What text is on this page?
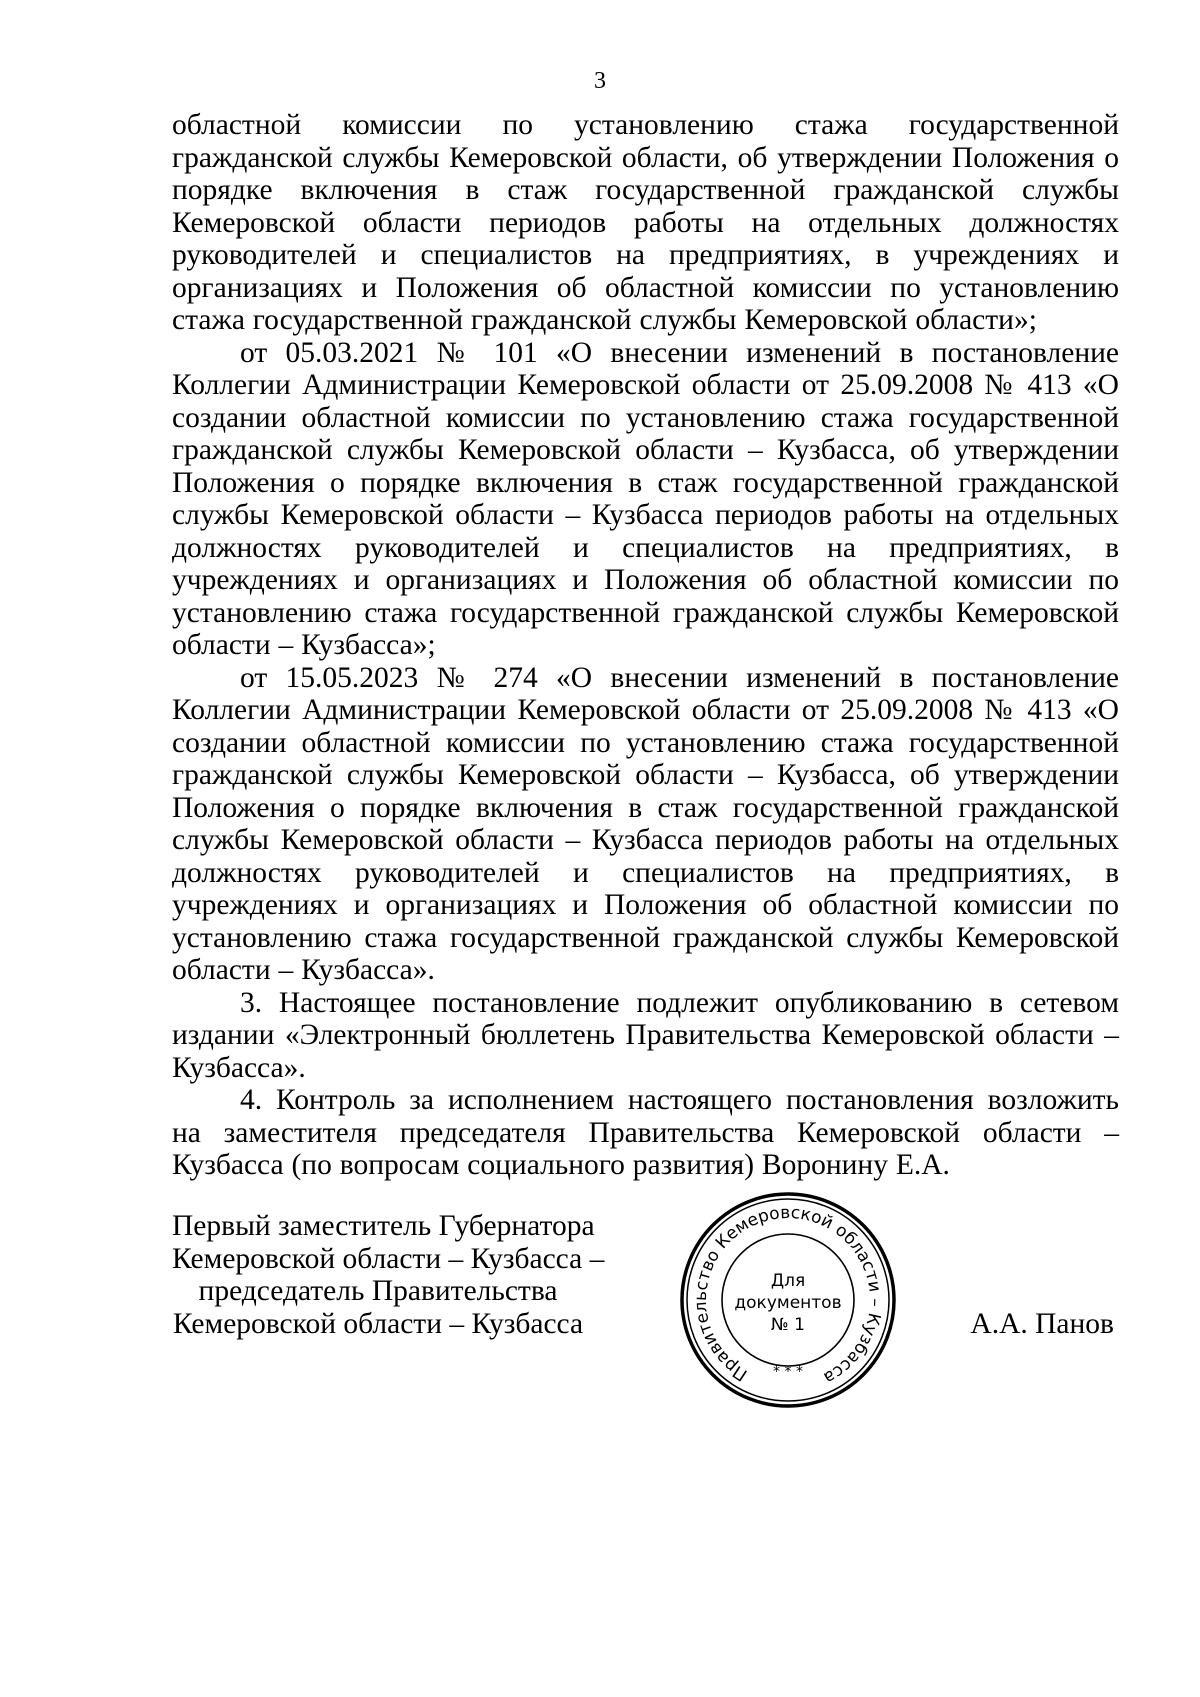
3

областной комиссии по установлению стажа государственной гражданской службы Кемеровской области, об утверждении Положения о порядке включения в стаж государственной гражданской службы Кемеровской области периодов работы на отдельных должностях руководителей и специалистов на предприятиях, в учреждениях и организациях и Положения об областной комиссии по установлению стажа государственной гражданской службы Кемеровской области»;

от 05.03.2021 № 101 «О внесении изменений в постановление Коллегии Администрации Кемеровской области от 25.09.2008 № 413 «О создании областной комиссии по установлению стажа государственной гражданской службы Кемеровской области – Кузбасса, об утверждении Положения о порядке включения в стаж государственной гражданской службы Кемеровской области – Кузбасса периодов работы на отдельных должностях руководителей и специалистов на предприятиях, в учреждениях и организациях и Положения об областной комиссии по установлению стажа государственной гражданской службы Кемеровской области – Кузбасса»;

от 15.05.2023 № 274 «О внесении изменений в постановление Коллегии Администрации Кемеровской области от 25.09.2008 № 413 «О создании областной комиссии по установлению стажа государственной гражданской службы Кемеровской области – Кузбасса, об утверждении Положения о порядке включения в стаж государственной гражданской службы Кемеровской области – Кузбасса периодов работы на отдельных должностях руководителей и специалистов на предприятиях, в учреждениях и организациях и Положения об областной комиссии по установлению стажа государственной гражданской службы Кемеровской области – Кузбасса».

3. Настоящее постановление подлежит опубликованию в сетевом издании «Электронный бюллетень Правительства Кемеровской области – Кузбасса».

4. Контроль за исполнением настоящего постановления возложить на заместителя председателя Правительства Кемеровской области – Кузбасса (по вопросам социального развития) Воронину Е.А.

Первый заместитель Губернатора
Кемеровской области – Кузбасса –
председатель Правительства
Кемеровской области – Кузбасса	А.А. Панов
Правительство Кемеровской области – Кузбасса
* * *
Для
документов
№ 1
